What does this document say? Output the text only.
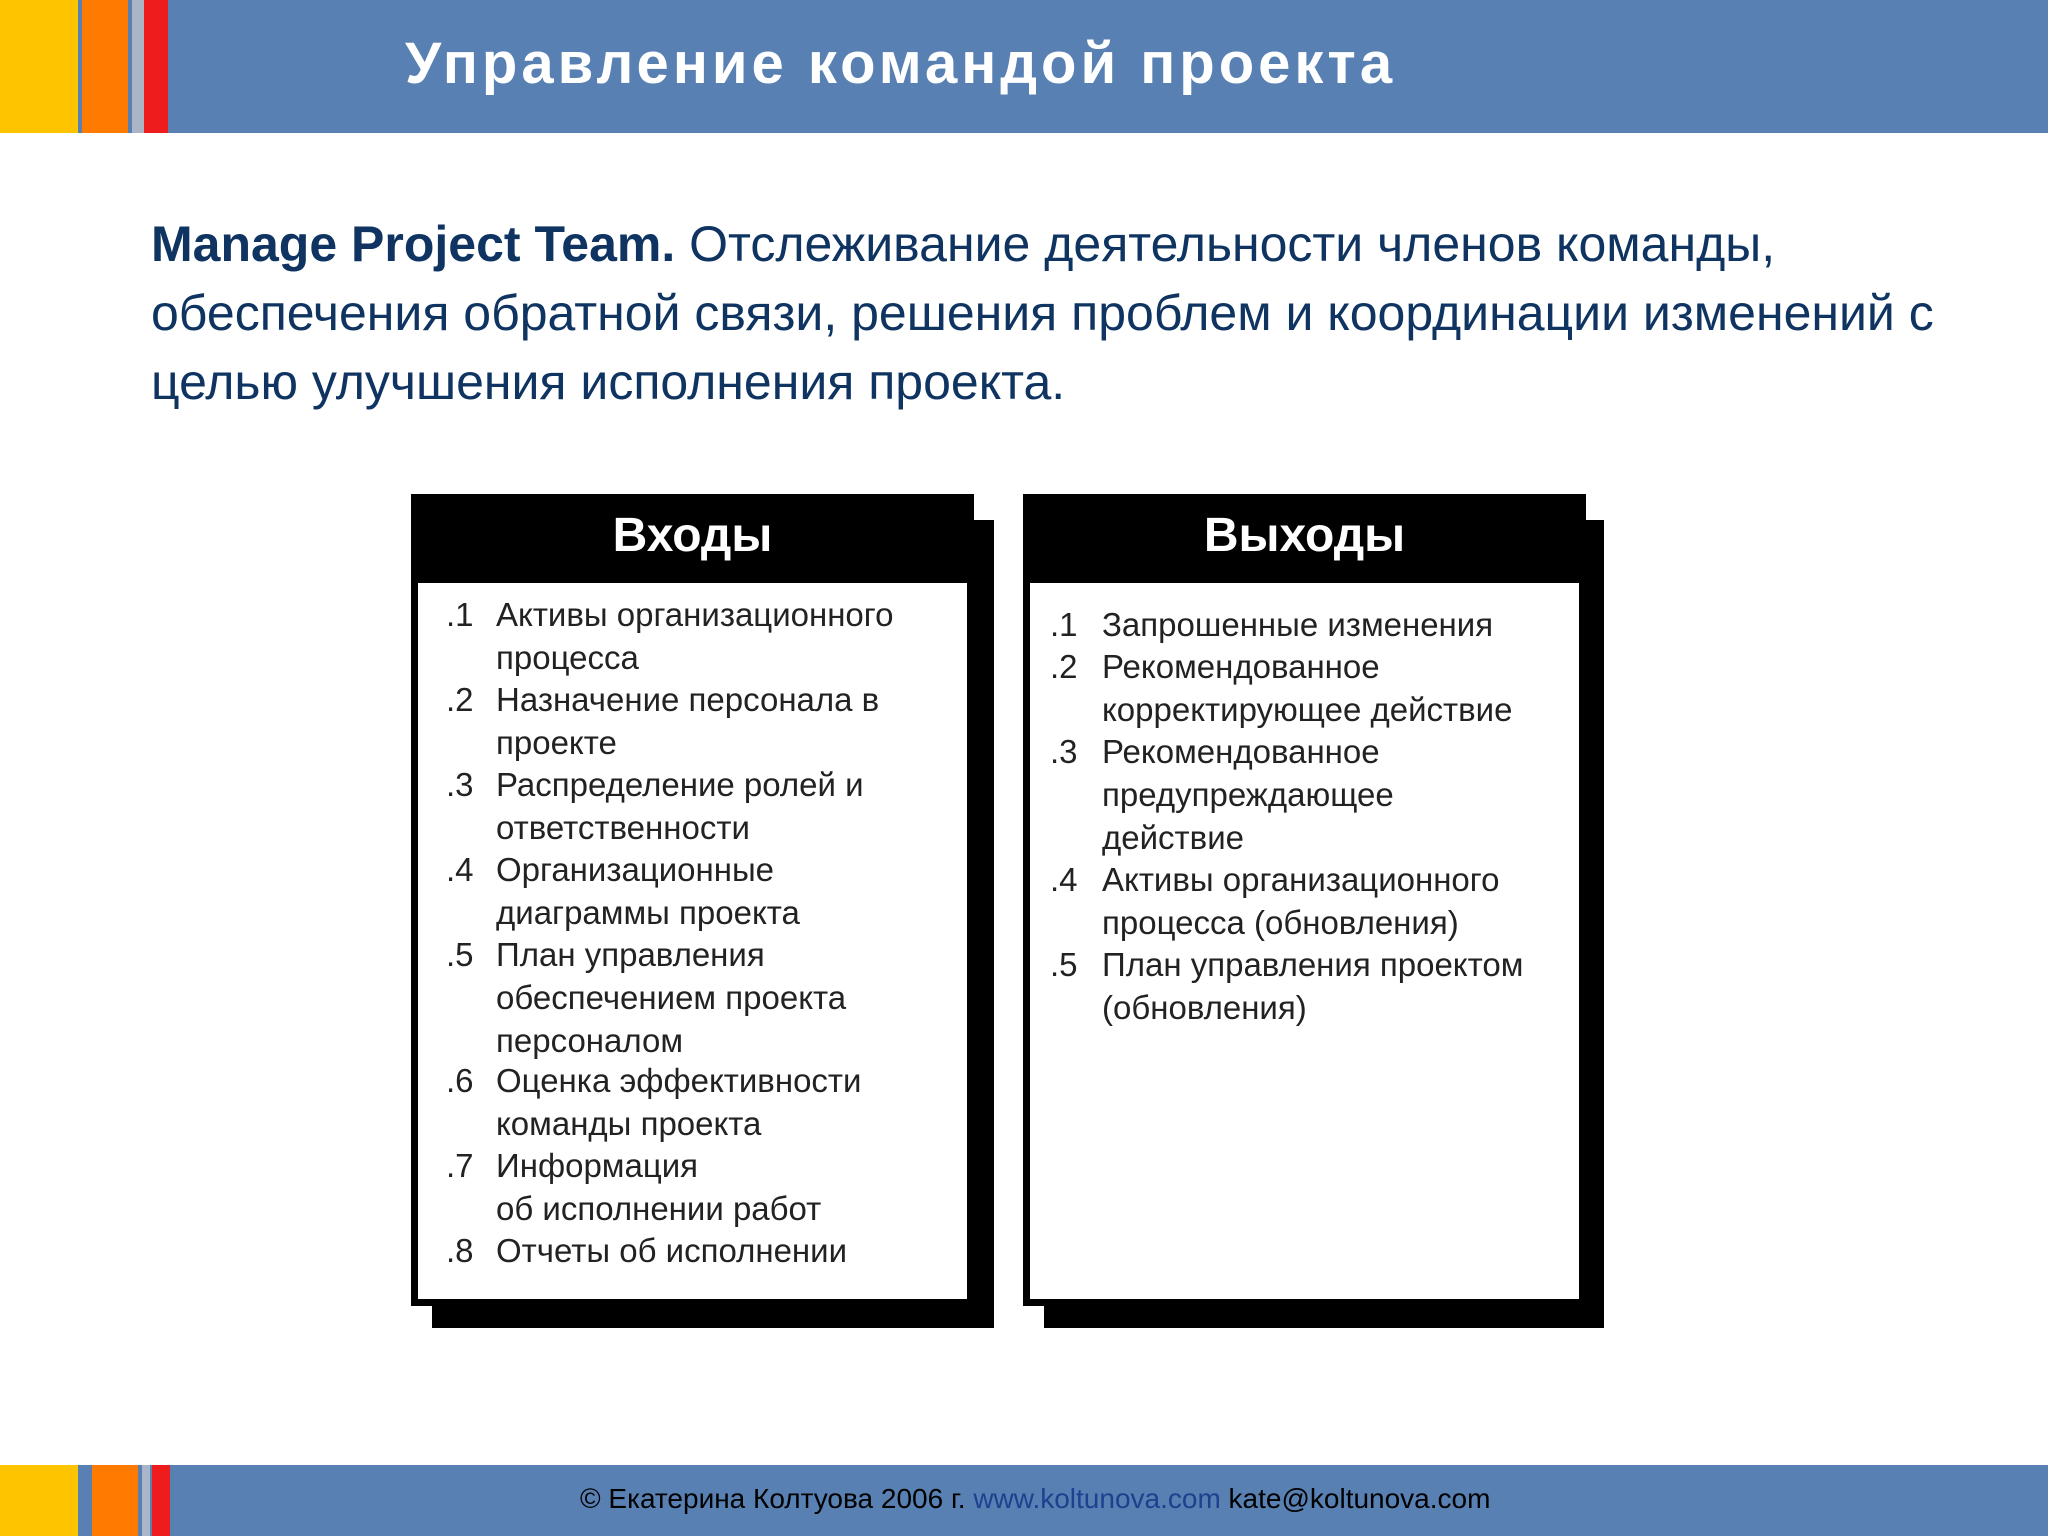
Управление командой проекта
Manage Project Team. Отслеживание деятельности членов команды, обеспечения обратной связи, решения проблем и координации изменений с целью улучшения исполнения проекта.
Входы
.1 Активы организационного
процесса
.2 Назначение персонала в
проекте
.3 Распределение ролей и
ответственности
.4 Организационные
диаграммы проекта
.5 План управления
обеспечением проекта
персоналом
.6 Оценка эффективности
команды проекта
.7 Информация
об исполнении работ
.8 Отчеты об исполнении
Выходы
.1 Запрошенные изменения
.2 Рекомендованное
корректирующее действие
.3 Рекомендованное
предупреждающее
действие
.4 Активы организационного
процесса (обновления)
.5 План управления проектом
(обновления)
© Екатерина Колтуова 2006 г. www.koltunova.com kate@koltunova.com
